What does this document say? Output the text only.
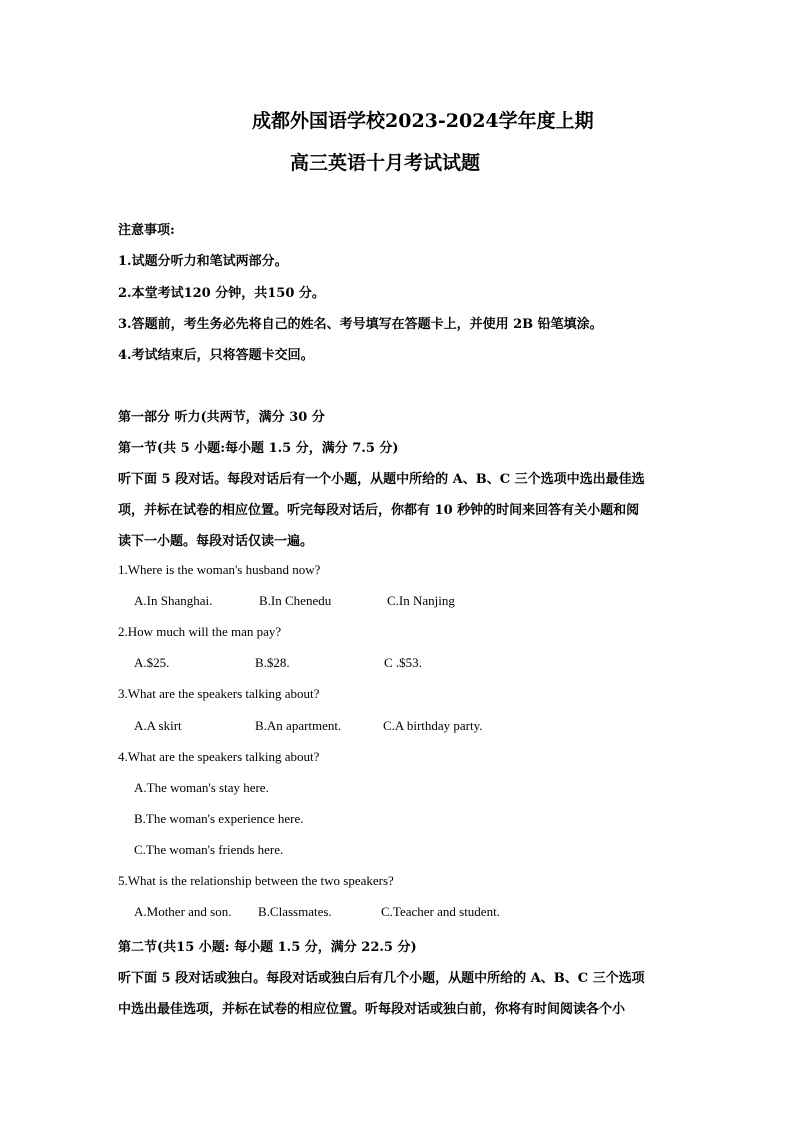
成都外国语学校2023-2024学年度上期
高三英语十月考试试题
注意事项:
1.试题分听力和笔试两部分。
2.本堂考试120 分钟，共150 分。
3.答题前，考生务必先将自己的姓名、考号填写在答题卡上，并使用 2B 铅笔填涂。
4.考试结束后，只将答题卡交回。
第一部分 听力(共两节，满分 30 分
第一节(共 5 小题:每小题 1.5 分，满分 7.5 分)
听下面 5 段对话。每段对话后有一个小题，从题中所给的 A、B、C 三个选项中选出最佳选
项，并标在试卷的相应位置。听完每段对话后，你都有 10 秒钟的时间来回答有关小题和阅
读下一小题。每段对话仅读一遍。
1.Where is the woman's husband now?
A.In Shanghai.	B.In Chenedu	C.In Nanjing
2.How much will the man pay?
A.$25.	B.$28.	C .$53.
3.What are the speakers talking about?
A.A skirt	B.An apartment.	C.A birthday party.
4.What are the speakers talking about?
A.The woman's stay here.
B.The woman's experience here.
C.The woman's friends here.
5.What is the relationship between the two speakers?
A.Mother and son. B.Classmates.	C.Teacher and student.
第二节(共15 小题: 每小题 1.5 分，满分 22.5 分)
听下面 5 段对话或独白。每段对话或独白后有几个小题，从题中所给的 A、B、C 三个选项
中选出最佳选项，并标在试卷的相应位置。听每段对话或独白前，你将有时间阅读各个小
